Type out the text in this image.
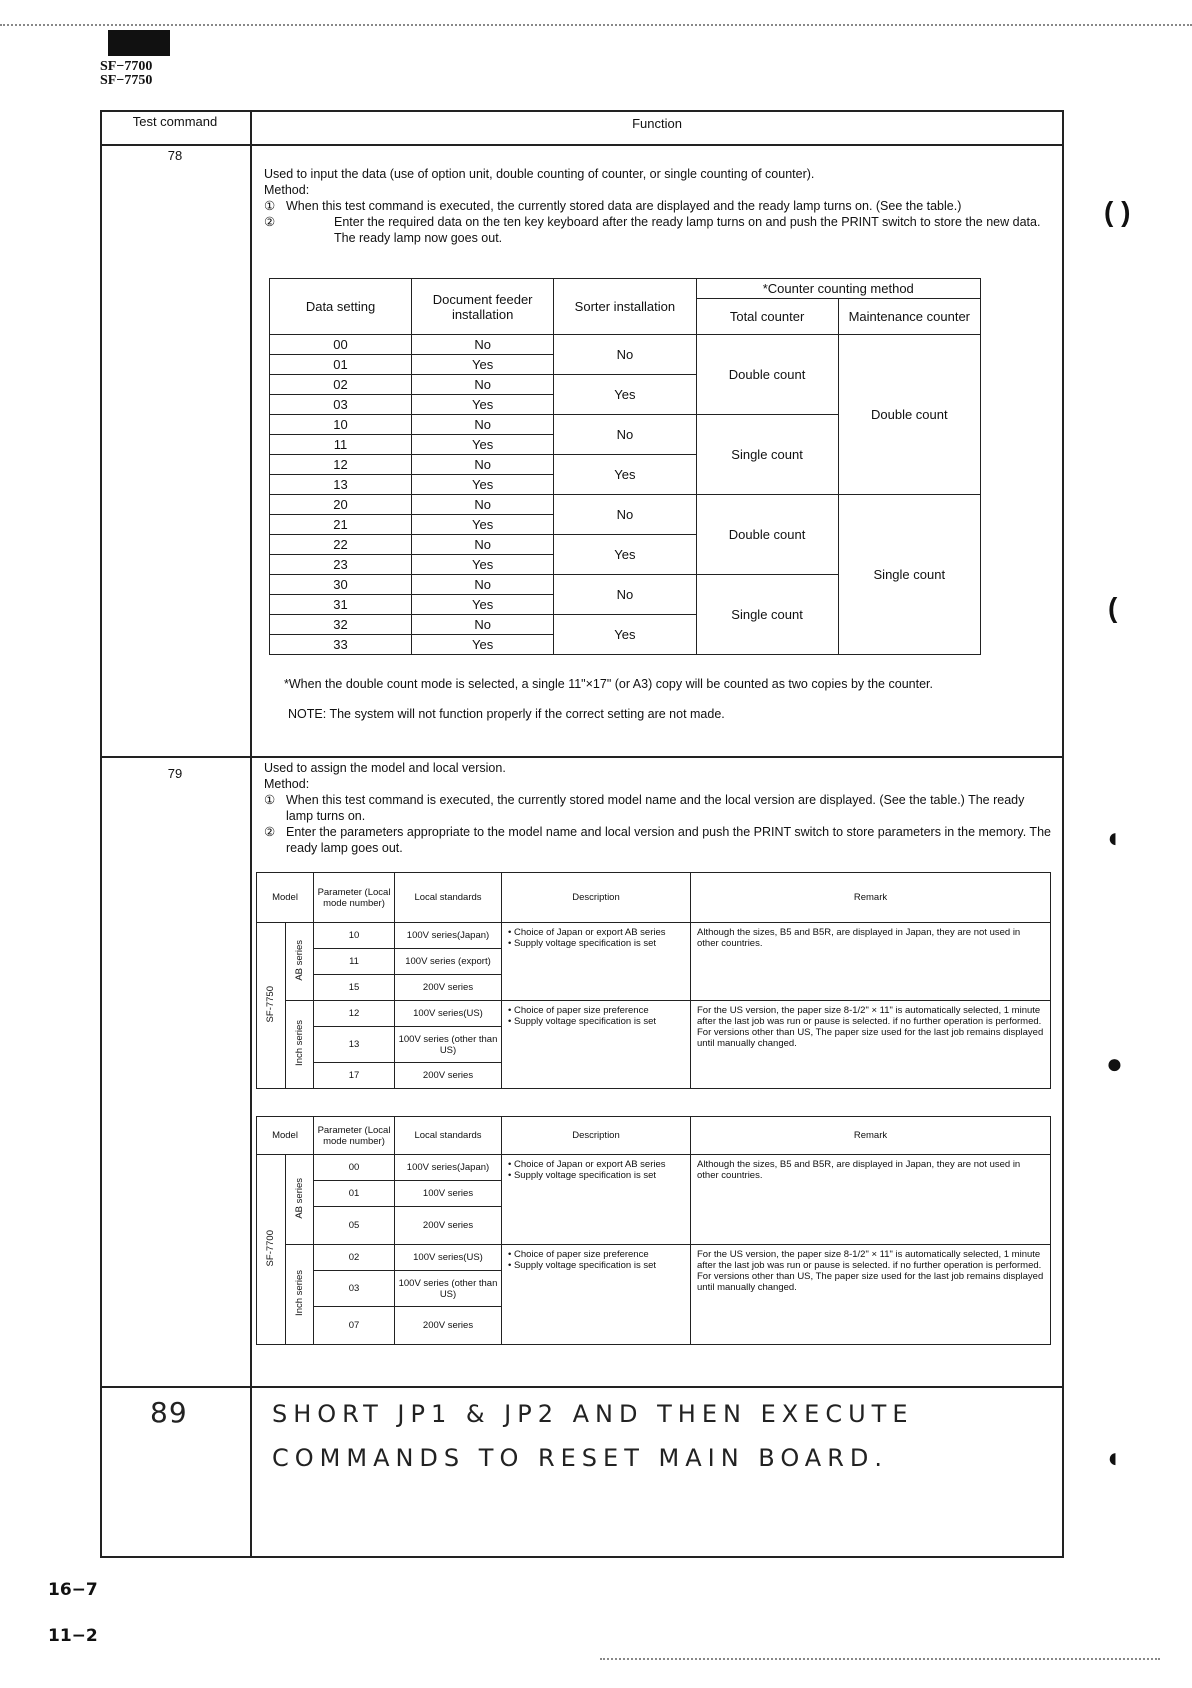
SF−7700
SF−7750
Test command	Function
78
Used to input the data (use of option unit, double counting of counter, or single counting of counter).
Method:
① When this test command is executed, the currently stored data are displayed and the ready lamp turns on. (See the table.)
②	Enter the required data on the ten key keyboard after the ready lamp turns on and push the PRINT switch to store the new data. The ready lamp now goes out.
Data setting	Document feeder installation	Sorter installation	*Counter counting method	
			Total counter	Maintenance counter
00	No	No	Double count	Double count
01	Yes			
02	No	Yes		
03	Yes			
10	No	No	Single count	
11	Yes			
12	No	Yes		
13	Yes			
20	No	No	Double count	Single count
21	Yes			
22	No	Yes		
23	Yes			
30	No	No	Single count	
31	Yes			
32	No	Yes		
33	Yes			
*When the double count mode is selected, a single 11"×17" (or A3) copy will be counted as two copies by the counter.
NOTE: The system will not function properly if the correct setting are not made.
79	Used to assign the model and local version.
Method:
① When this test command is executed, the currently stored model name and the local version are displayed. (See the table.) The ready lamp turns on.
② Enter the parameters appropriate to the model name and local version and push the PRINT switch to store parameters in the memory. The ready lamp goes out.
Model		Parameter (Local mode number)	Local standards	Description	Remark
SF-7750	AB series	10	100V series(Japan)	• Choice of Japan or export AB series
• Supply voltage specification is set	Although the sizes, B5 and B5R, are displayed in Japan, they are not used in other countries.
		11	100V series (export)		
		15	200V series		
	Inch series	12	100V series(US)	• Choice of paper size preference
• Supply voltage specification is set	For the US version, the paper size 8-1/2" × 11" is automatically selected, 1 minute after the last job was run or pause is selected. if no further operation is performed.
For versions other than US, The paper size used for the last job remains displayed until manually changed.
		13	100V series (other than US)		
		17	200V series		
Model		Parameter (Local mode number)	Local standards	Description	Remark
SF-7700	AB series	00	100V series(Japan)	• Choice of Japan or export AB series
• Supply voltage specification is set	Although the sizes, B5 and B5R, are displayed in Japan, they are not used in other countries.
		01	100V series		
		05	200V series		
	Inch series	02	100V series(US)	• Choice of paper size preference
• Supply voltage specification is set	For the US version, the paper size 8-1/2" × 11" is automatically selected, 1 minute after the last job was run or pause is selected. if no further operation is performed.
For versions other than US, The paper size used for the last job remains displayed until manually changed.
		03	100V series (other than US)		
		07	200V series		
89	SHORT JP1 & JP2 AND THEN EXECUTE
COMMANDS TO RESET MAIN BOARD.
16−7
11−2
( )
(
◖
●
◖
